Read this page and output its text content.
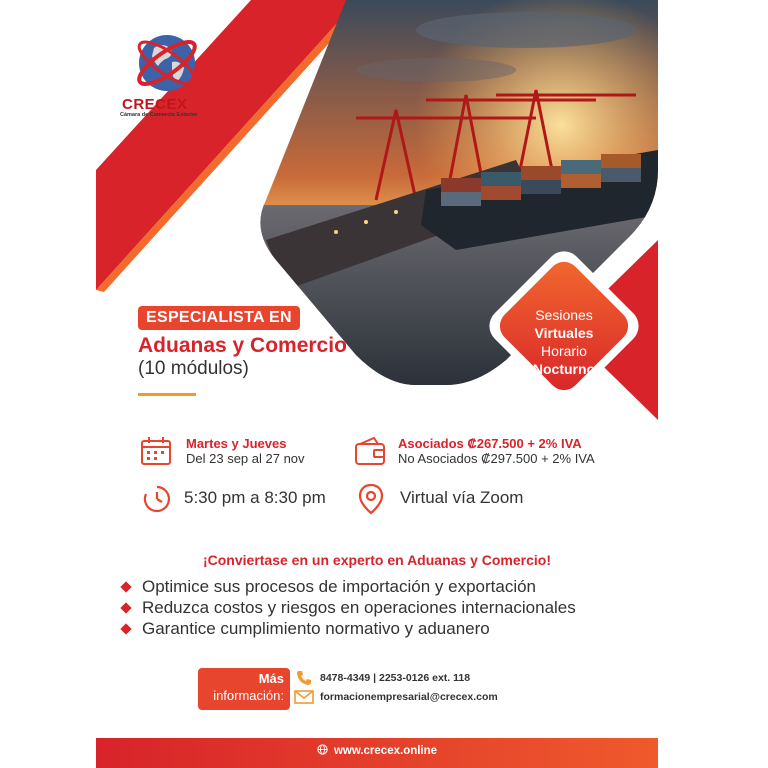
CRECEX
Cámara de Comercio Exterior
Sesiones
Virtuales
Horario
Nocturno
ESPECIALISTA EN
Aduanas y Comercio
(10 módulos)
Martes y Jueves
Del 23 sep al 27 nov
Asociados ₡267.500 + 2% IVA
No Asociados ₡297.500 + 2% IVA
5:30 pm a 8:30 pm	Virtual vía Zoom
¡Conviertase en un experto en Aduanas y Comercio!
Optimice sus procesos de importación y exportación
Reduzca costos y riesgos en operaciones internacionales
Garantice cumplimiento normativo y aduanero
Más
información:
8478-4349 | 2253-0126 ext. 118
formacionempresarial@crecex.com
www.crecex.online
